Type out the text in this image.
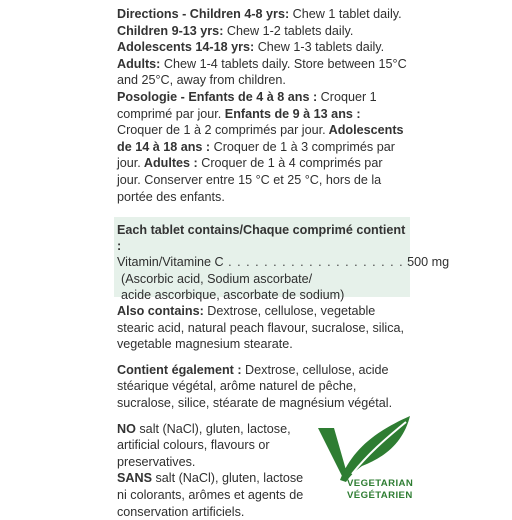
Directions - Children 4-8 yrs: Chew 1 tablet daily.

Children 9-13 yrs: Chew 1-2 tablets daily.

Adolescents 14-18 yrs: Chew 1-3 tablets daily.

Adults: Chew 1-4 tablets daily. Store between 15°C and 25°C, away from children.

Posologie - Enfants de 4 à 8 ans : Croquer 1 comprimé par jour. Enfants de 9 à 13 ans : Croquer de 1 à 2 comprimés par jour. Adolescents de 14 à 18 ans : Croquer de 1 à 3 comprimés par jour. Adultes : Croquer de 1 à 4 comprimés par jour. Conserver entre 15 °C et 25 °C, hors de la portée des enfants.

Each tablet contains/Chaque comprimé contient :

Vitamin/Vitamine C . . . . . . . . . . . . . . . . . . . . 500 mg

(Ascorbic acid, Sodium ascorbate/

acide ascorbique, ascorbate de sodium)

Also contains: Dextrose, cellulose, vegetable stearic acid, natural peach flavour, sucralose, silica, vegetable magnesium stearate.

Contient également : Dextrose, cellulose, acide stéarique végétal, arôme naturel de pêche, sucralose, silice, stéarate de magnésium végétal.

NO salt (NaCl), gluten, lactose, artificial colours, flavours or preservatives.

SANS salt (NaCl), gluten, lactose ni colorants, arômes et agents de conservation artificiels.

VEGETARIAN
VÉGÉTARIEN
